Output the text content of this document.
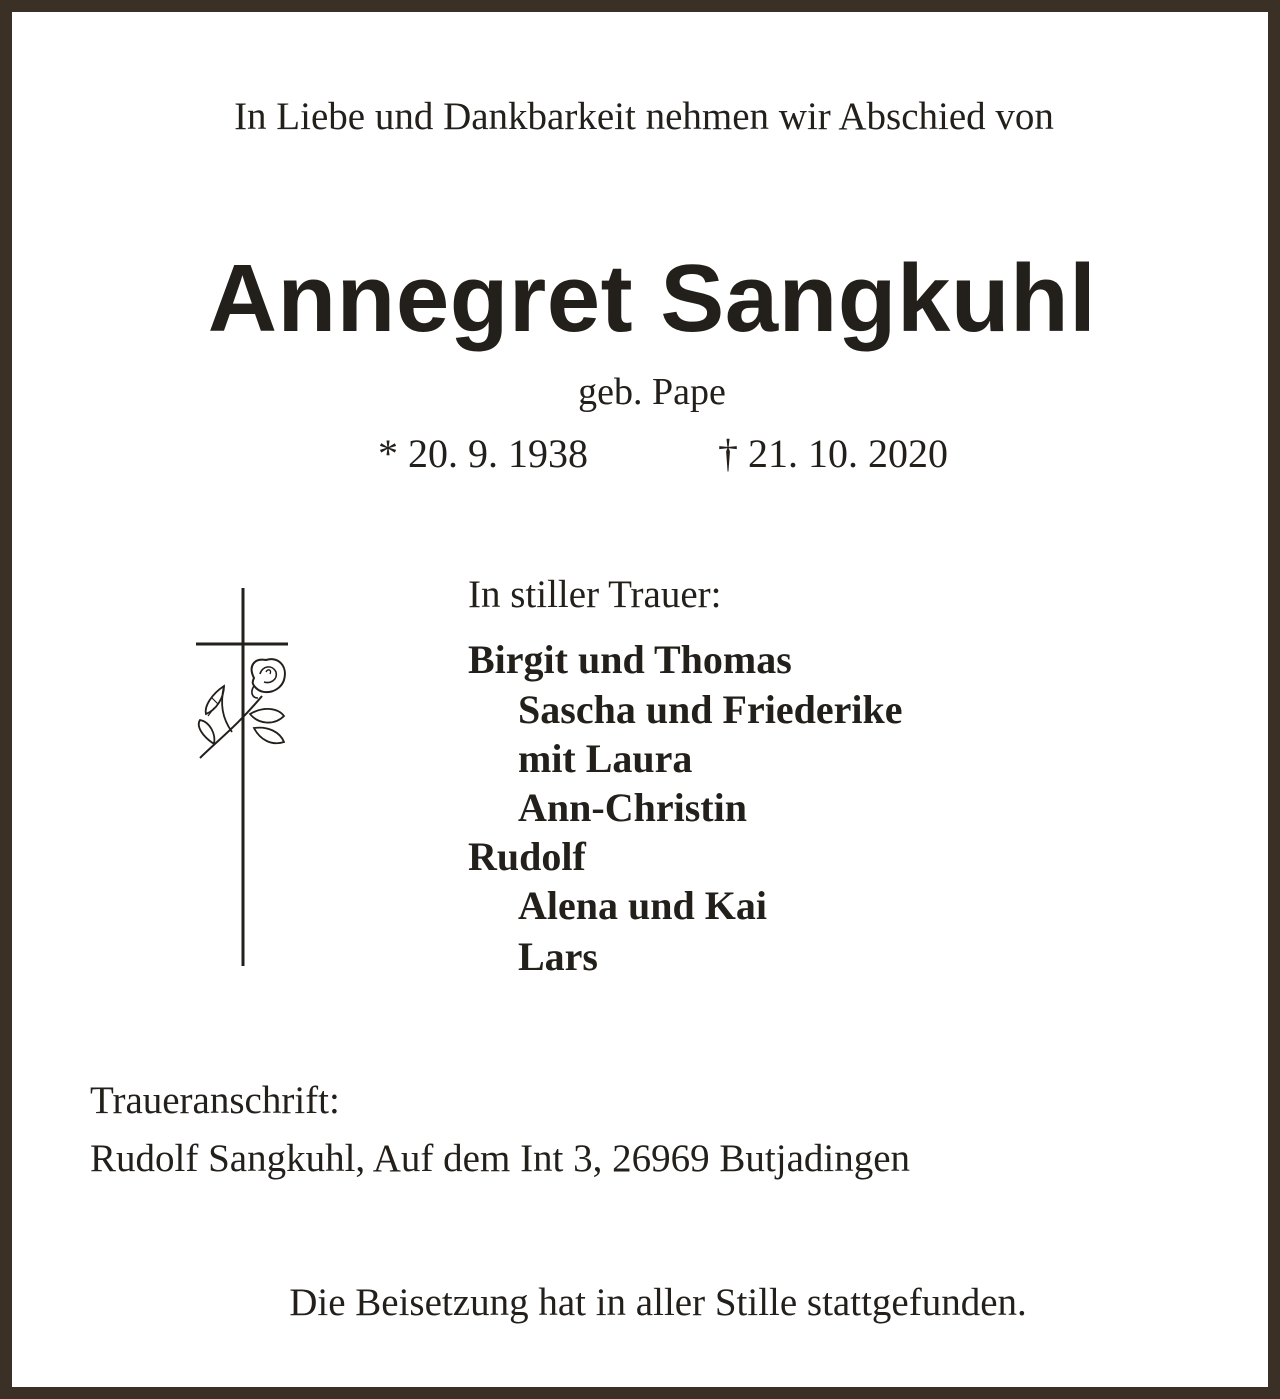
In Liebe und Dankbarkeit nehmen wir Abschied von

Annegret Sangkuhl

geb. Pape

* 20. 9. 1938	† 21. 10. 2020

In stiller Trauer:

Birgit und Thomas

Sascha und Friederike

mit Laura

Ann-Christin

Rudolf

Alena und Kai

Lars

Traueranschrift:

Rudolf Sangkuhl, Auf dem Int 3, 26969 Butjadingen

Die Beisetzung hat in aller Stille stattgefunden.
